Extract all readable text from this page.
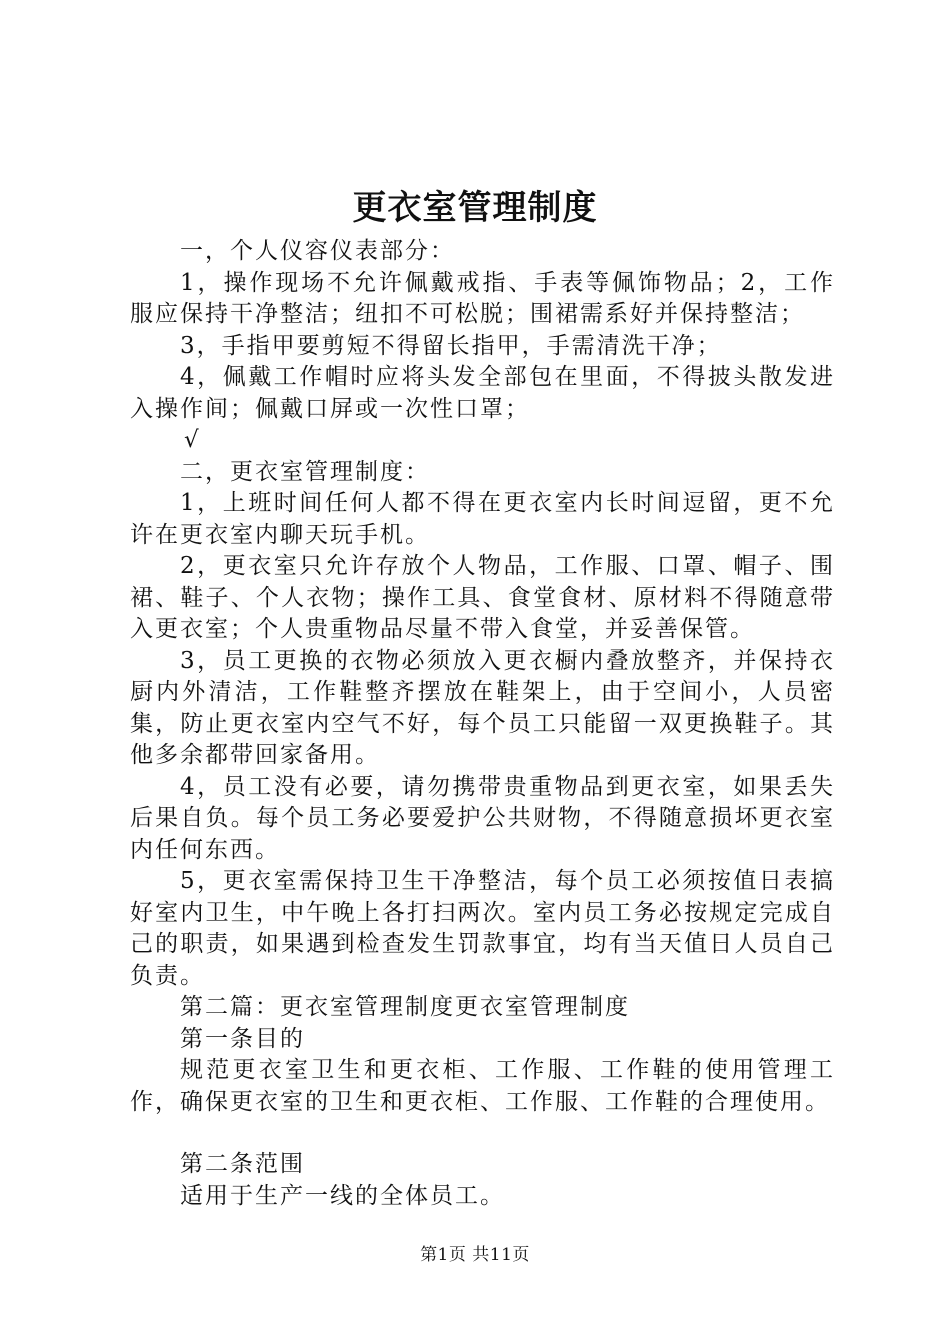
更衣室管理制度

一，个人仪容仪表部分：

1，操作现场不允许佩戴戒指、手表等佩饰物品；2，工作服应保持干净整洁；纽扣不可松脱；围裙需系好并保持整洁；

3，手指甲要剪短不得留长指甲，手需清洗干净；

4，佩戴工作帽时应将头发全部包在里面，不得披头散发进入操作间；佩戴口屏或一次性口罩；

√

二，更衣室管理制度：

1，上班时间任何人都不得在更衣室内长时间逗留，更不允许在更衣室内聊天玩手机。

2，更衣室只允许存放个人物品，工作服、口罩、帽子、围裙、鞋子、个人衣物；操作工具、食堂食材、原材料不得随意带入更衣室；个人贵重物品尽量不带入食堂，并妥善保管。

3，员工更换的衣物必须放入更衣橱内叠放整齐，并保持衣厨内外清洁，工作鞋整齐摆放在鞋架上，由于空间小，人员密集，防止更衣室内空气不好，每个员工只能留一双更换鞋子。其他多余都带回家备用。

4，员工没有必要，请勿携带贵重物品到更衣室，如果丢失后果自负。每个员工务必要爱护公共财物，不得随意损坏更衣室内任何东西。

5，更衣室需保持卫生干净整洁，每个员工必须按值日表搞好室内卫生，中午晚上各打扫两次。室内员工务必按规定完成自己的职责，如果遇到检查发生罚款事宜，均有当天值日人员自己负责。

第二篇：更衣室管理制度更衣室管理制度

第一条目的

规范更衣室卫生和更衣柜、工作服、工作鞋的使用管理工作，确保更衣室的卫生和更衣柜、工作服、工作鞋的合理使用。

第二条范围

适用于生产一线的全体员工。

第1页 共11页
